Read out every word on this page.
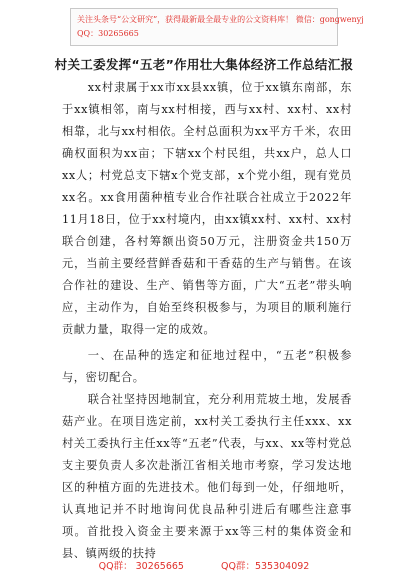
关注头条号“公文研究”，获得最新最全最专业的公文资料库！ 微信：gongwenyj
QQ：30265665
村关工委发挥“五老”作用壮大集体经济工作总结汇报

xx村隶属于xx市xx县xx镇，位于xx镇东南部，东于xx镇相邻，南与xx村相接，西与xx村、xx村、xx村相靠，北与xx村相依。全村总面积为xx平方千米，农田确权面积为xx亩；下辖xx个村民组，共xx户，总人口xx人；村党总支下辖x个党支部，x个党小组，现有党员xx名。xx食用菌种植专业合作社联合社成立于2022年11月18日，位于xx村境内，由xx镇xx村、xx村、xx村联合创建，各村筹额出资50万元，注册资金共150万元，当前主要经营鲜香菇和干香菇的生产与销售。在该合作社的建设、生产、销售等方面，广大“五老”带头响应，主动作为，自始至终积极参与，为项目的顺利施行贡献力量，取得一定的成效。

一、在品种的选定和征地过程中，“五老”积极参与，密切配合。

联合社坚持因地制宜，充分利用荒坡土地，发展香菇产业。在项目选定前，xx村关工委执行主任xxx、xx村关工委执行主任xx等“五老”代表，与xx、xx等村党总支主要负责人多次赴浙江省相关地市考察，学习发达地区的种植方面的先进技术。他们每到一处，仔细地听，认真地记并不时地询问优良品种引进后有哪些注意事项。首批投入资金主要来源于xx等三村的集体资金和县、镇两级的扶持

QQ群： 30265665	QQ群：535304092
